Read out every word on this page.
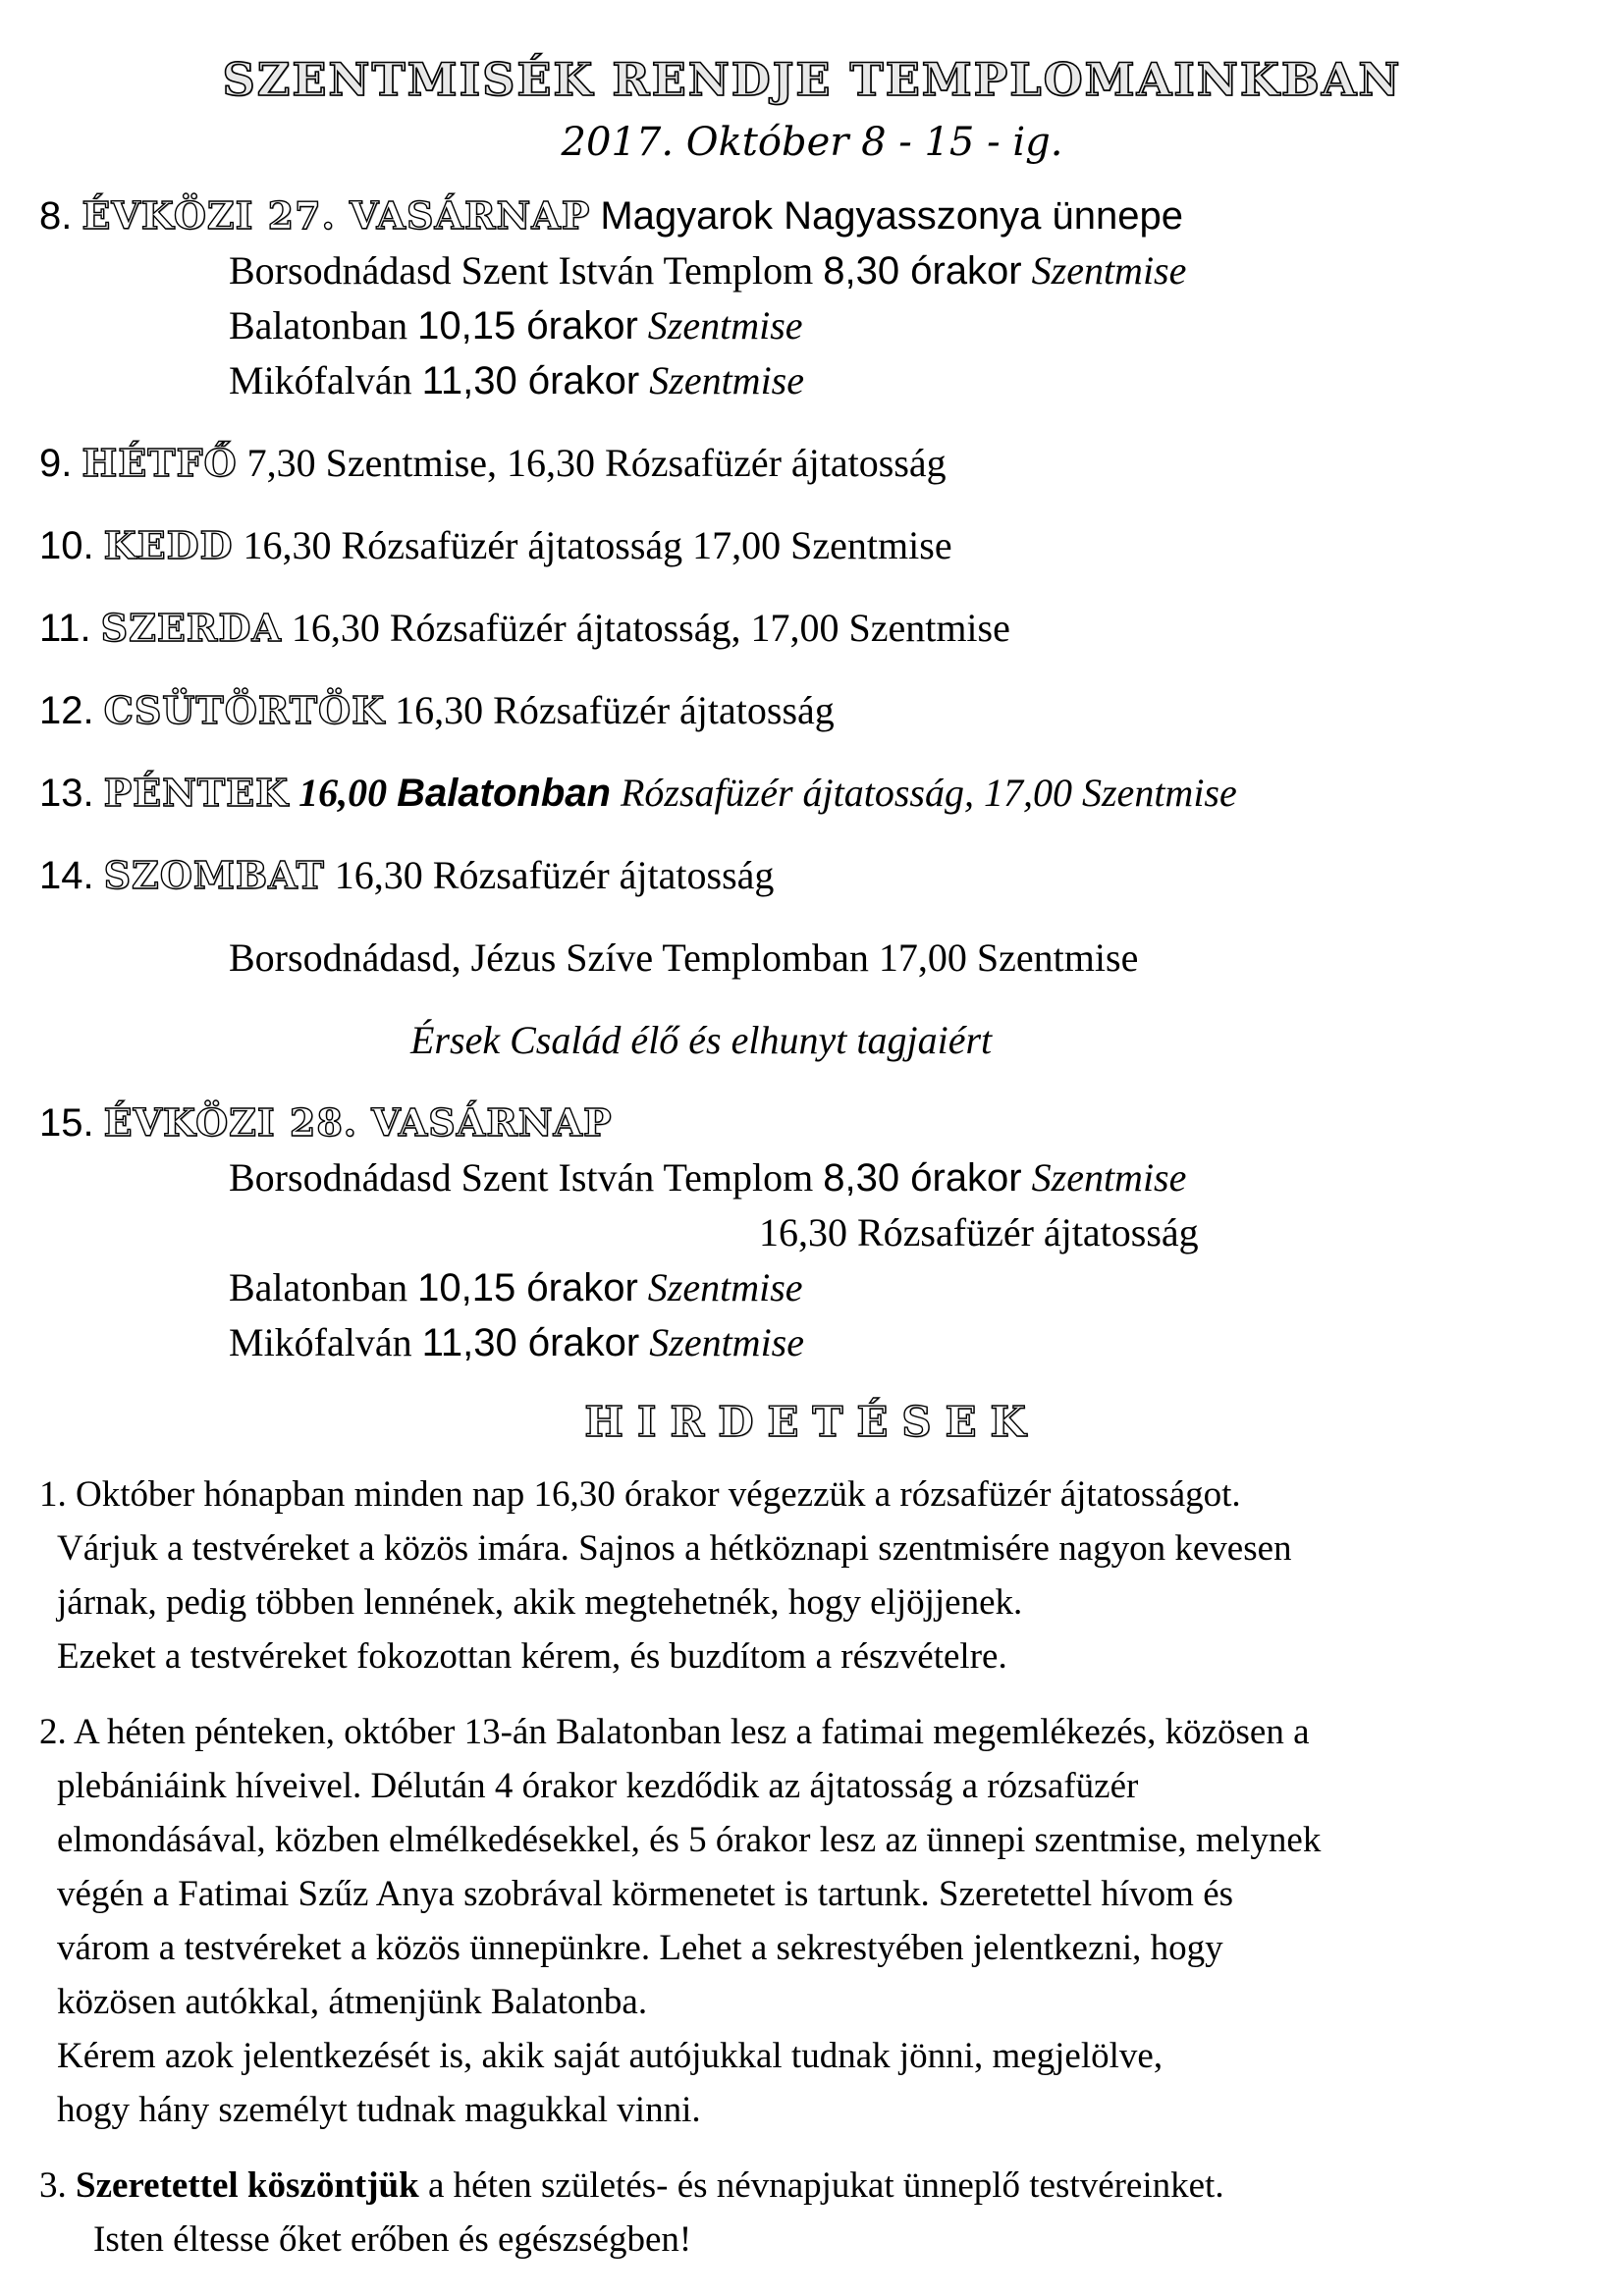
SZENTMISÉK RENDJE TEMPLOMAINKBAN
2017. Október 8 - 15 - ig.
8. ÉVKÖZI 27. VASÁRNAP Magyarok Nagyasszonya ünnepe
Borsodnádasd Szent István Templom 8,30 órakor Szentmise
Balatonban 10,15 órakor Szentmise
Mikófalván 11,30 órakor Szentmise
9. HÉTFŐ 7,30 Szentmise, 16,30 Rózsafüzér ájtatosság
10. KEDD 16,30 Rózsafüzér ájtatosság 17,00 Szentmise
11. SZERDA 16,30 Rózsafüzér ájtatosság, 17,00 Szentmise
12. CSÜTÖRTÖK 16,30 Rózsafüzér ájtatosság
13. PÉNTEK 16,00 Balatonban Rózsafüzér ájtatosság, 17,00 Szentmise
14. SZOMBAT 16,30 Rózsafüzér ájtatosság
Borsodnádasd, Jézus Szíve Templomban 17,00 Szentmise
Érsek Család élő és elhunyt tagjaiért
15. ÉVKÖZI 28. VASÁRNAP
Borsodnádasd Szent István Templom 8,30 órakor Szentmise
16,30 Rózsafüzér ájtatosság
Balatonban 10,15 órakor Szentmise
Mikófalván 11,30 órakor Szentmise
HIRDETÉSEK
1. Október hónapban minden nap 16,30 órakor végezzük a rózsafüzér ájtatosságot.
Várjuk a testvéreket a közös imára. Sajnos a hétköznapi szentmisére nagyon kevesen
járnak, pedig többen lennének, akik megtehetnék, hogy eljöjjenek.
Ezeket a testvéreket fokozottan kérem, és buzdítom a részvételre.
2. A héten pénteken, október 13-án Balatonban lesz a fatimai megemlékezés, közösen a
plebániáink híveivel. Délután 4 órakor kezdődik az ájtatosság a rózsafüzér
elmondásával, közben elmélkedésekkel, és 5 órakor lesz az ünnepi szentmise, melynek
végén a Fatimai Szűz Anya szobrával körmenetet is tartunk. Szeretettel hívom és
várom a testvéreket a közös ünnepünkre. Lehet a sekrestyében jelentkezni, hogy
közösen autókkal, átmenjünk Balatonba.
Kérem azok jelentkezését is, akik saját autójukkal tudnak jönni, megjelölve,
hogy hány személyt tudnak magukkal vinni.
3. Szeretettel köszöntjük a héten születés- és névnapjukat ünneplő testvéreinket.
Isten éltesse őket erőben és egészségben!
